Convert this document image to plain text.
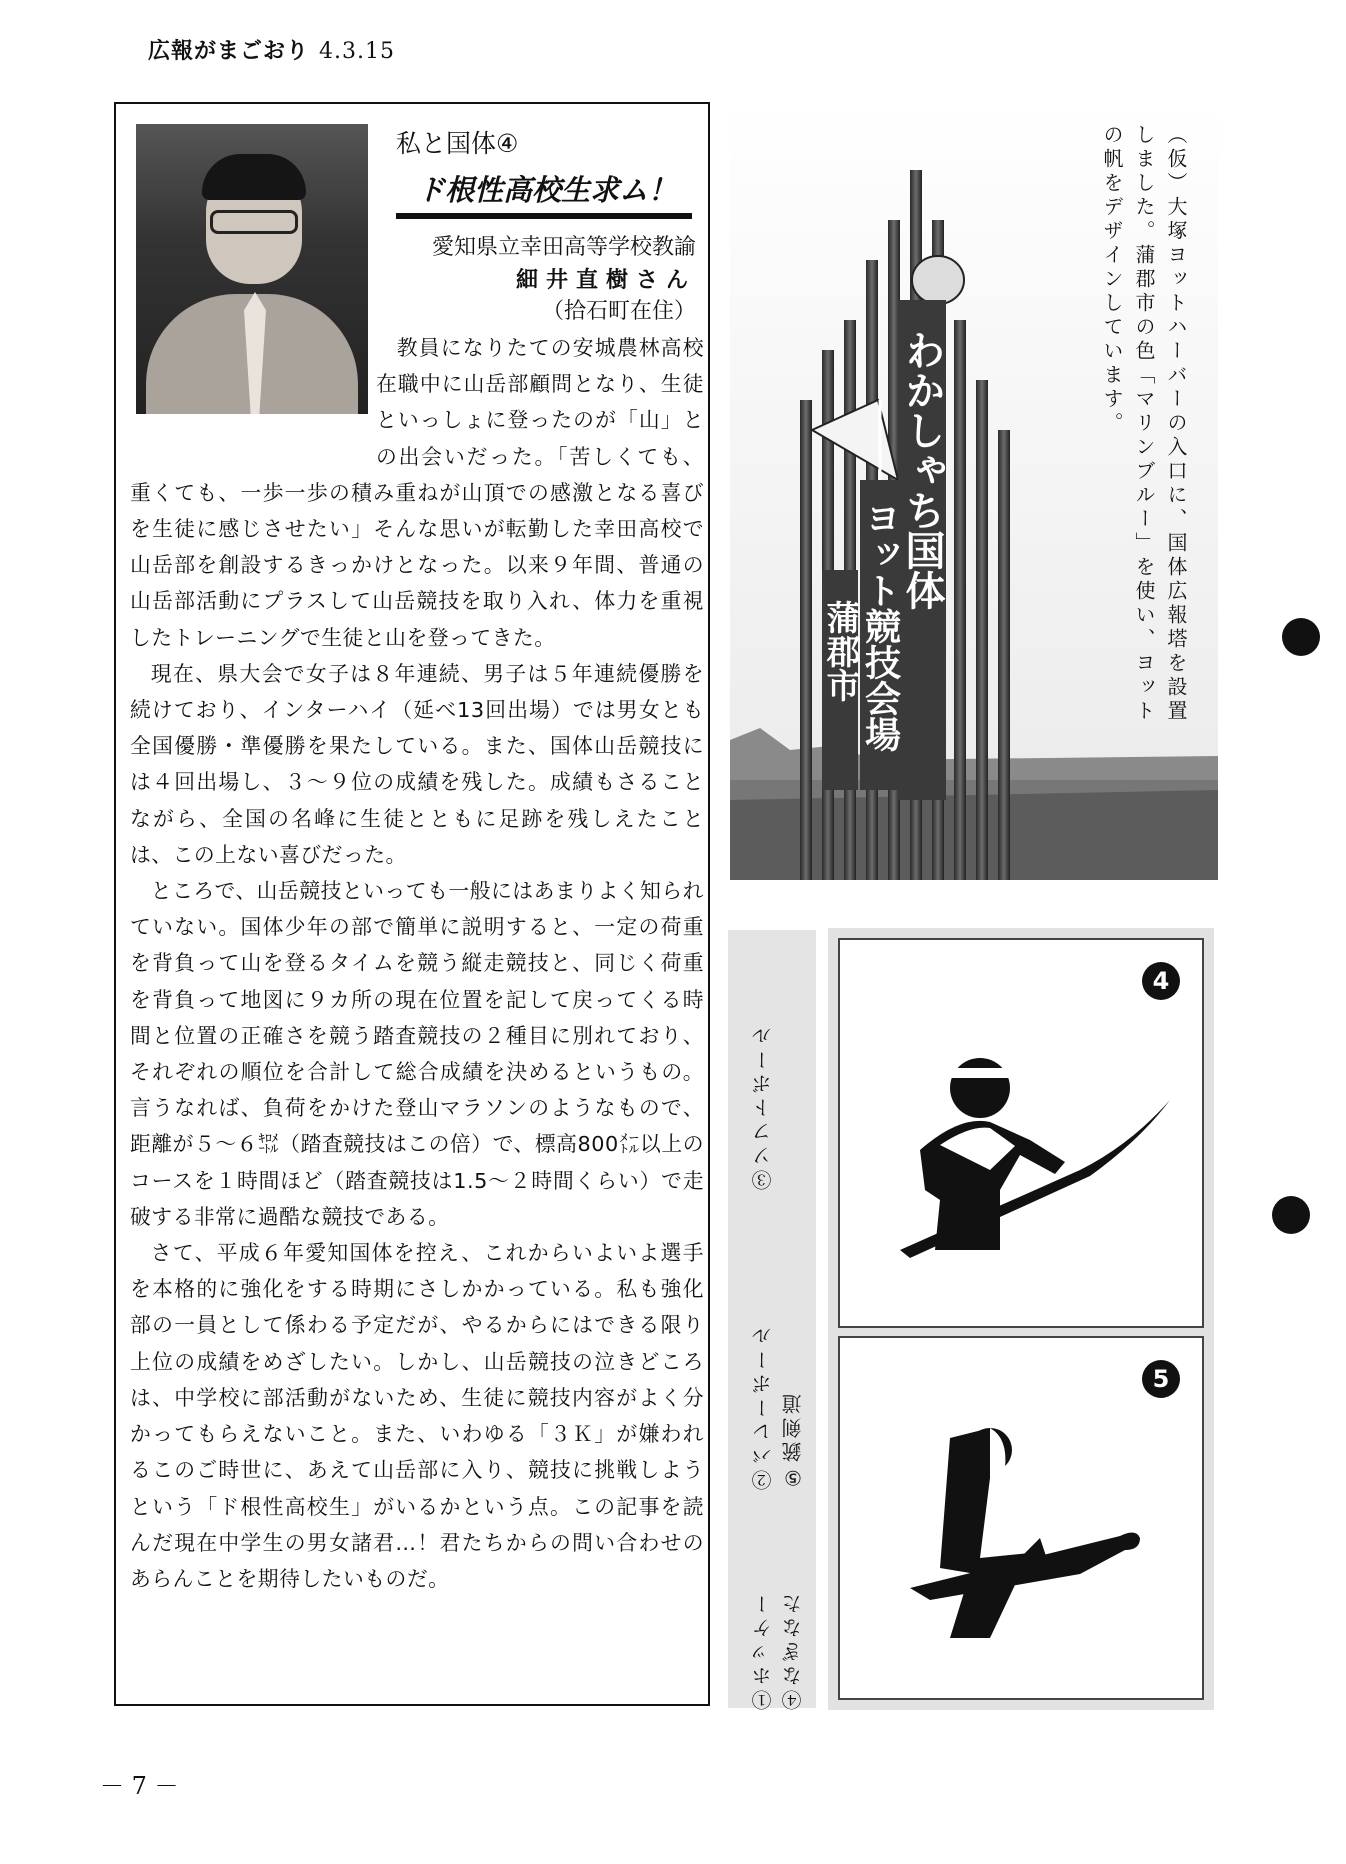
広報がまごおり 4.3.15
私と国体④
ド根性高校生求ム！
愛知県立幸田高等学校教諭
細井直樹さん
（拾石町在住）

教員になりたての安城農林高校在職中に山岳部顧問となり、生徒といっしょに登ったのが「山」との出会いだった。「苦しくても、重くても、一歩一歩の積み重ねが山頂での感激となる喜びを生徒に感じさせたい」そんな思いが転勤した幸田高校で山岳部を創設するきっかけとなった。以来９年間、普通の山岳部活動にプラスして山岳競技を取り入れ、体力を重視したトレーニングで生徒と山を登ってきた。

現在、県大会で女子は８年連続、男子は５年連続優勝を続けており、インターハイ（延べ13回出場）では男女とも全国優勝・準優勝を果たしている。また、国体山岳競技には４回出場し、３～９位の成績を残した。成績もさることながら、全国の名峰に生徒とともに足跡を残しえたことは、この上ない喜びだった。

ところで、山岳競技といっても一般にはあまりよく知られていない。国体少年の部で簡単に説明すると、一定の荷重を背負って山を登るタイムを競う縦走競技と、同じく荷重を背負って地図に９カ所の現在位置を記して戻ってくる時間と位置の正確さを競う踏査競技の２種目に別れており、それぞれの順位を合計して総合成績を決めるというもの。言うなれば、負荷をかけた登山マラソンのようなもので、距離が５～６㌖（踏査競技はこの倍）で、標高800㍍以上のコースを１時間ほど（踏査競技は1.5～２時間くらい）で走破する非常に過酷な競技である。

さて、平成６年愛知国体を控え、これからいよいよ選手を本格的に強化をする時期にさしかかっている。私も強化部の一員として係わる予定だが、やるからにはできる限り上位の成績をめざしたい。しかし、山岳競技の泣きどころは、中学校に部活動がないため、生徒に競技内容がよく分かってもらえないこと。また、いわゆる「３Ｋ」が嫌われるこのご時世に、あえて山岳部に入り、競技に挑戦しようという「ド根性高校生」がいるかという点。この記事を読んだ現在中学生の男女諸君…！君たちからの問い合わせのあらんことを期待したいものだ。

わかしゃち国体
ヨット競技会場
蒲郡市	（仮）大塚ヨットハーバーの入口に、国体広報塔を設置しました。蒲郡市の色「マリンブルー」を使い、ヨットの帆をデザインしています。
③ソフトボール
②バレーボール
⑤銃剣道
①ホッケー
④なぎなた
4
5
－ 7 －
